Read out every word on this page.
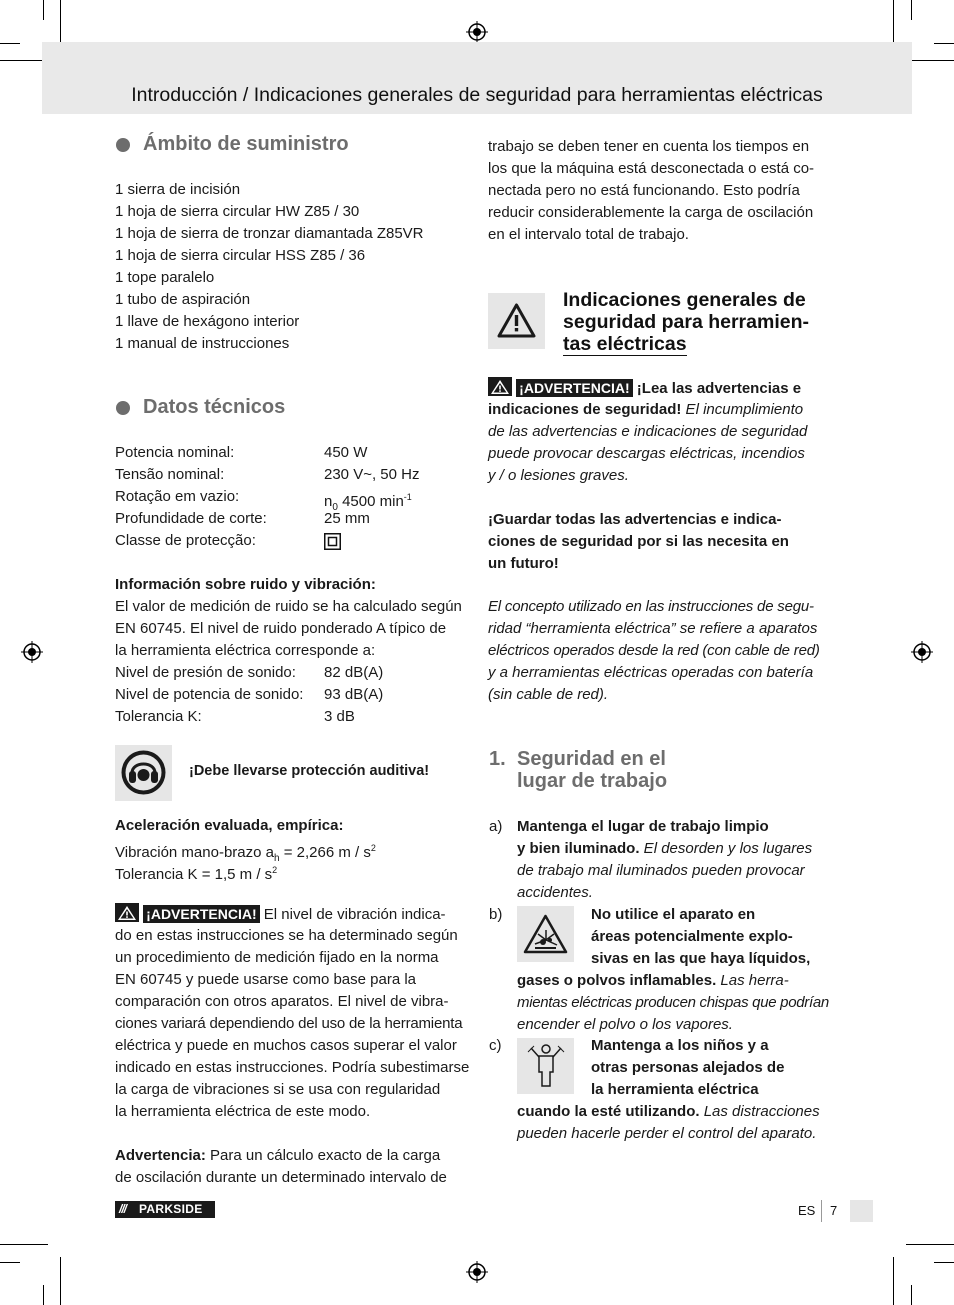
Introducción / Indicaciones generales de seguridad para herramientas eléctricas
Ámbito de suministro
1 sierra de incisión
1 hoja de sierra circular HW Z85 / 30
1 hoja de sierra de tronzar diamantada Z85VR
1 hoja de sierra circular HSS Z85 / 36
1 tope paralelo
1 tubo de aspiración
1 llave de hexágono interior
1 manual de instrucciones
Datos técnicos
Potencia nominal:	450 W
Tensão nominal:	230 V~, 50 Hz
Rotação em vazio:	$n_0$ 4500 $\min^{-1}$
Profundidade de corte:	25 mm
Classe de protecção:
Información sobre ruido y vibración:
El valor de medición de ruido se ha calculado según
EN 60745. El nivel de ruido ponderado A típico de
la herramienta eléctrica corresponde a:
Nivel de presión de sonido: 82 dB(A)
Nivel de potencia de sonido: 93 dB(A)
Tolerancia K:	3 dB
¡Debe llevarse protección auditiva!
Aceleración evaluada, empírica:
Vibración mano-brazo $a_h = 2,266$ m / $s^2$
Tolerancia K = 1,5 m / $s^2$
¡ADVERTENCIA! El nivel de vibración indica-
do en estas instrucciones se ha determinado según
un procedimiento de medición fijado en la norma
EN 60745 y puede usarse como base para la
comparación con otros aparatos. El nivel de vibra-
ciones variará dependiendo del uso de la herramienta
eléctrica y puede en muchos casos superar el valor
indicado en estas instrucciones. Podría subestimarse
la carga de vibraciones si se usa con regularidad
la herramienta eléctrica de este modo.
Advertencia: Para un cálculo exacto de la carga
de oscilación durante un determinado intervalo de
trabajo se deben tener en cuenta los tiempos en
los que la máquina está desconectada o está co-
nectada pero no está funcionando. Esto podría
reducir considerablemente la carga de oscilación
en el intervalo total de trabajo.
Indicaciones generales de
seguridad para herramien-
tas eléctricas
¡ADVERTENCIA! ¡Lea las advertencias e
indicaciones de seguridad! El incumplimiento
de las advertencias e indicaciones de seguridad
puede provocar descargas eléctricas, incendios
y / o lesiones graves.
¡Guardar todas las advertencias e indica-
ciones de seguridad por si las necesita en
un futuro!
El concepto utilizado en las instrucciones de segu-
ridad “herramienta eléctrica” se refiere a aparatos
eléctricos operados desde la red (con cable de red)
y a herramientas eléctricas operadas con batería
(sin cable de red).
1. Seguridad en el
lugar de trabajo
a) Mantenga el lugar de trabajo limpio
y bien iluminado. El desorden y los lugares
de trabajo mal iluminados pueden provocar
accidentes.
b)	No utilice el aparato en
áreas potencialmente explo-
sivas en las que haya líquidos,
gases o polvos inflamables. Las herra-
mientas eléctricas producen chispas que podrían
encender el polvo o los vapores.
c)	Mantenga a los niños y a
otras personas alejados de
la herramienta eléctrica
cuando la esté utilizando. Las distracciones
pueden hacerle perder el control del aparato.
/// PARKSIDE	ES 7
